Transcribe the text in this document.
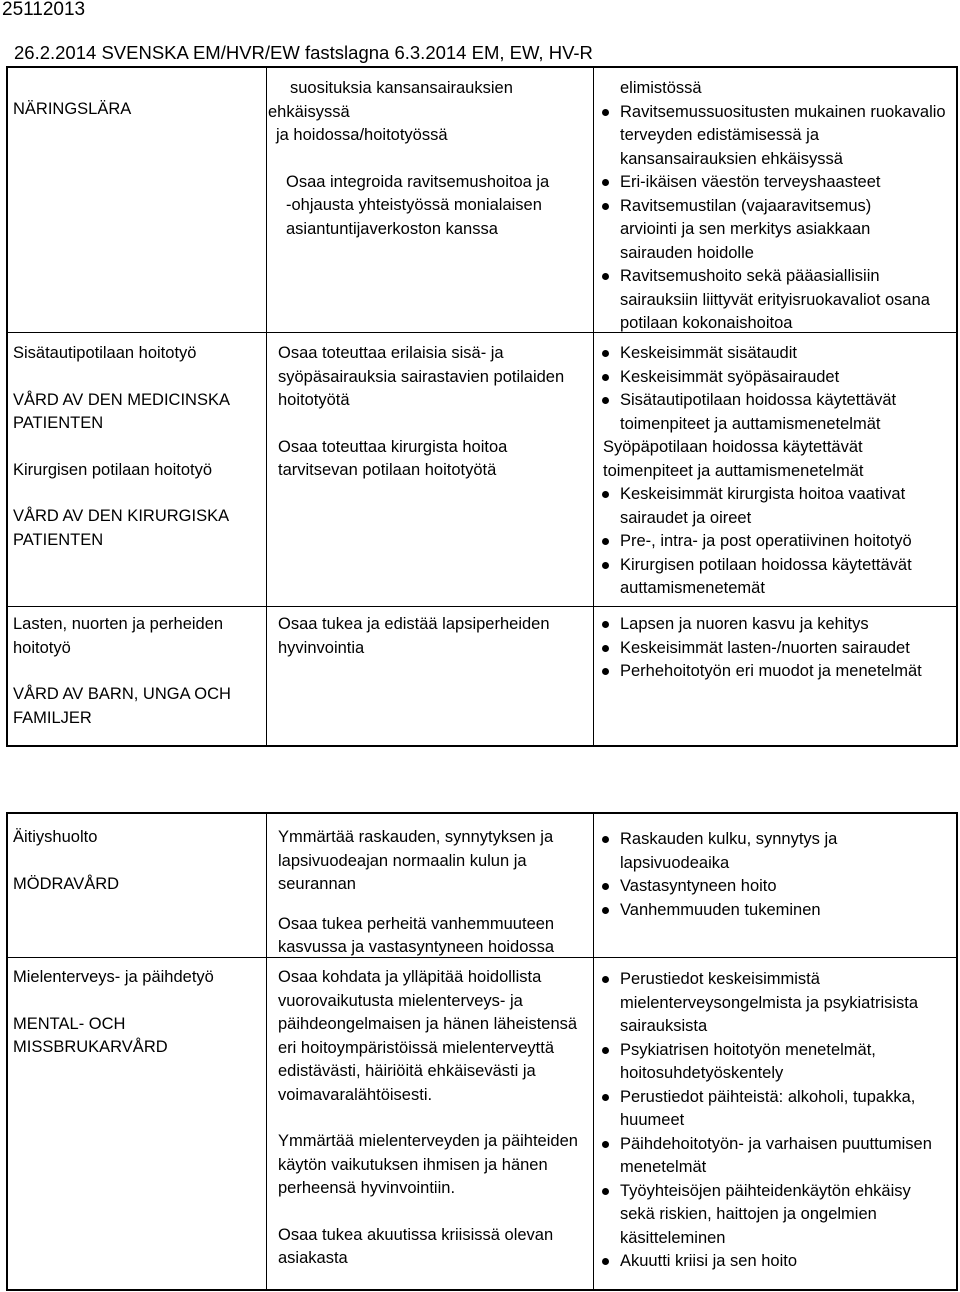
25112013
26.2.2014 SVENSKA EM/HVR/EW fastslagna 6.3.2014 EM, EW, HV-R
NÄRINGSLÄRA
suosituksia kansansairauksien
ehkäisyssä
ja hoidossa/hoitotyössä
Osaa integroida ravitsemushoitoa ja
-ohjausta yhteistyössä monialaisen
asiantuntijaverkoston kanssa
elimistössä
Ravitsemussuositusten mukainen ruokavalio
terveyden edistämisessä ja
kansansairauksien ehkäisyssä
Eri-ikäisen väestön terveyshaasteet
Ravitsemustilan (vajaaravitsemus)
arviointi ja sen merkitys asiakkaan
sairauden hoidolle
Ravitsemushoito sekä pääasiallisiin
sairauksiin liittyvät erityisruokavaliot osana
potilaan kokonaishoitoa
Sisätautipotilaan hoitotyö
VÅRD AV DEN MEDICINSKA
PATIENTEN
Kirurgisen potilaan hoitotyö
VÅRD AV DEN KIRURGISKA
PATIENTEN
Osaa toteuttaa erilaisia sisä- ja
syöpäsairauksia sairastavien potilaiden
hoitotyötä
Osaa toteuttaa kirurgista hoitoa
tarvitsevan potilaan hoitotyötä
Keskeisimmät sisätaudit
Keskeisimmät syöpäsairaudet
Sisätautipotilaan hoidossa käytettävät
toimenpiteet ja auttamismenetelmät
Syöpäpotilaan hoidossa käytettävät
toimenpiteet ja auttamismenetelmät
Keskeisimmät kirurgista hoitoa vaativat
sairaudet ja oireet
Pre-, intra- ja post operatiivinen hoitotyö
Kirurgisen potilaan hoidossa käytettävät
auttamismenetemät
Lasten, nuorten ja perheiden
hoitotyö
VÅRD AV BARN, UNGA OCH
FAMILJER
Osaa tukea ja edistää lapsiperheiden
hyvinvointia
Lapsen ja nuoren kasvu ja kehitys
Keskeisimmät lasten-/nuorten sairaudet
Perhehoitotyön eri muodot ja menetelmät
Äitiyshuolto
MÖDRAVÅRD
Ymmärtää raskauden, synnytyksen ja
lapsivuodeajan normaalin kulun ja
seurannan
Osaa tukea perheitä vanhemmuuteen
kasvussa ja vastasyntyneen hoidossa
Raskauden kulku, synnytys ja
lapsivuodeaika
Vastasyntyneen hoito
Vanhemmuuden tukeminen
Mielenterveys- ja päihdetyö
MENTAL- OCH
MISSBRUKARVÅRD
Osaa kohdata ja ylläpitää hoidollista
vuorovaikutusta mielenterveys- ja
päihdeongelmaisen ja hänen läheistensä
eri hoitoympäristöissä mielenterveyttä
edistävästi, häiriöitä ehkäisevästi ja
voimavaralähtöisesti.
Ymmärtää mielenterveyden ja päihteiden
käytön vaikutuksen ihmisen ja hänen
perheensä hyvinvointiin.
Osaa tukea akuutissa kriisissä olevan
asiakasta
Perustiedot keskeisimmistä
mielenterveysongelmista ja psykiatrisista
sairauksista
Psykiatrisen hoitotyön menetelmät,
hoitosuhdetyöskentely
Perustiedot päihteistä: alkoholi, tupakka,
huumeet
Päihdehoitotyön- ja varhaisen puuttumisen
menetelmät
Työyhteisöjen päihteidenkäytön ehkäisy
sekä riskien, haittojen ja ongelmien
käsitteleminen
Akuutti kriisi ja sen hoito
